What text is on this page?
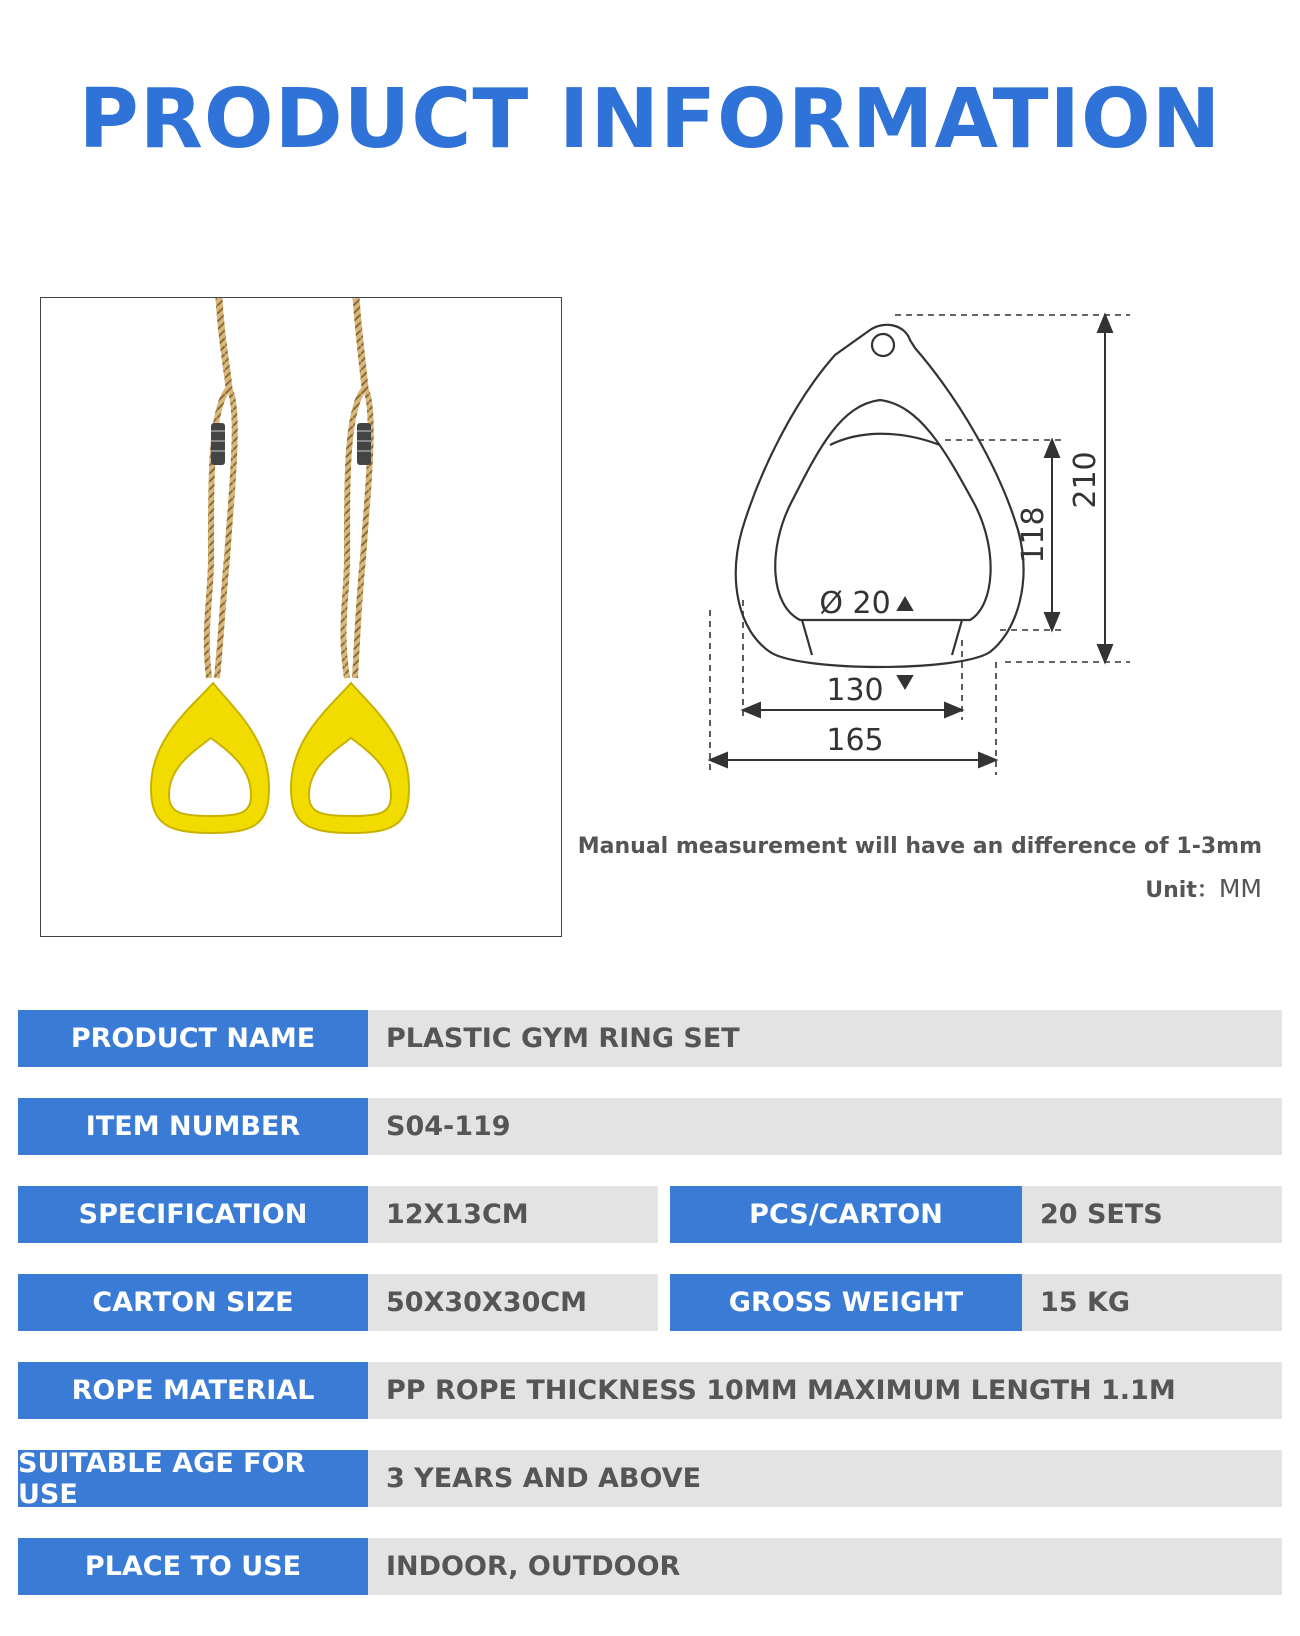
PRODUCT INFORMATION
210
118
Ø 20
130
165
Manual measurement will have an difference of 1-3mm
Unit：MM
PRODUCT NAME	PLASTIC GYM RING SET
ITEM NUMBER	S04-119
SPECIFICATION	12X13CM	PCS/CARTON	20 SETS
CARTON SIZE	50X30X30CM	GROSS WEIGHT	15 KG
ROPE MATERIAL	PP ROPE THICKNESS 10MM MAXIMUM LENGTH 1.1M
SUITABLE AGE FOR USE	3 YEARS AND ABOVE
PLACE TO USE	INDOOR, OUTDOOR
